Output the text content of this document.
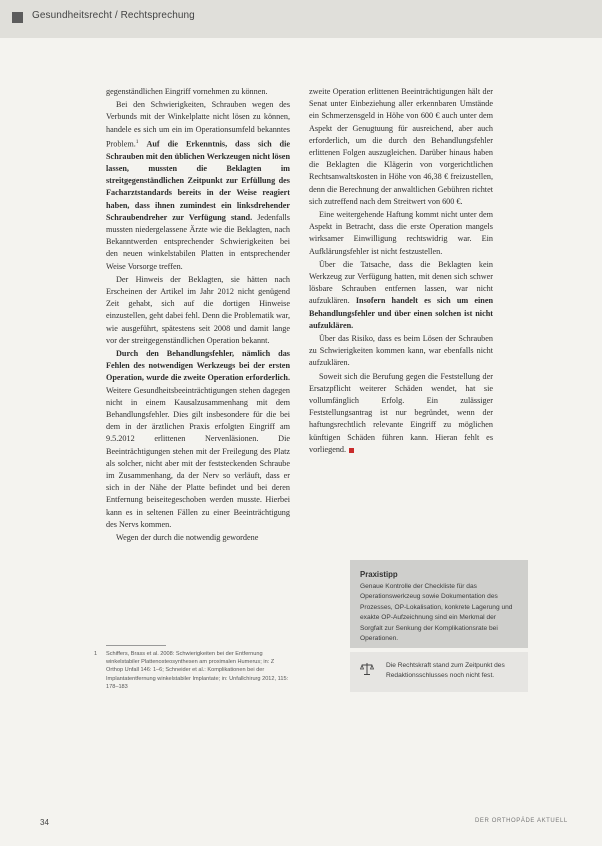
Gesundheitsrecht / Rechtsprechung

gegenständlichen Eingriff vornehmen zu können.

Bei den Schwierigkeiten, Schrauben wegen des Verbunds mit der Winkelplatte nicht lösen zu können, handele es sich um ein im Operationsumfeld bekanntes Problem.$^1$ Auf die Erkenntnis, dass sich die Schrauben mit den üblichen Werkzeugen nicht lösen lassen, mussten die Beklagten im streitgegenständlichen Zeitpunkt zur Erfüllung des Facharztstandards bereits in der Weise reagiert haben, dass ihnen zumindest ein linksdrehender Schraubendreher zur Verfügung stand. Jedenfalls mussten niedergelassene Ärzte wie die Beklagten, nach Bekanntwerden entsprechender Schwierigkeiten bei den neuen winkelstabilen Platten in entsprechender Weise Vorsorge treffen.

Der Hinweis der Beklagten, sie hätten nach Erscheinen der Artikel im Jahr 2012 nicht genügend Zeit gehabt, sich auf die dortigen Hinweise einzustellen, geht dabei fehl. Denn die Problematik war, wie ausgeführt, spätestens seit 2008 und damit lange vor der streitgegenständlichen Operation bekannt.

Durch den Behandlungsfehler, nämlich das Fehlen des notwendigen Werkzeugs bei der ersten Operation, wurde die zweite Operation erforderlich. Weitere Gesundheitsbeeinträchtigungen stehen dagegen nicht in einem Kausalzusammenhang mit dem Behandlungsfehler. Dies gilt insbesondere für die bei dem in der ärztlichen Praxis erfolgten Eingriff am 9.5.2012 erlittenen Nervenläsionen. Die Beeinträchtigungen stehen mit der Freilegung des Platz als solcher, nicht aber mit der feststeckenden Schraube im Zusammenhang, da der Nerv so verläuft, dass er sich in der Nähe der Platte befindet und bei deren Entfernung beiseitegeschoben werden musste. Hierbei kann es in seltenen Fällen zu einer Beeinträchtigung des Nervs kommen.

Wegen der durch die notwendig gewordene

zweite Operation erlittenen Beeinträchtigungen hält der Senat unter Einbeziehung aller erkennbaren Umstände ein Schmerzensgeld in Höhe von 600 € auch unter dem Aspekt der Genugtuung für ausreichend, aber auch erforderlich, um die durch den Behandlungsfehler erlittenen Folgen auszugleichen. Darüber hinaus haben die Beklagten die Klägerin von vorgerichtlichen Rechtsanwaltskosten in Höhe von 46,38 € freizustellen, denn die Berechnung der anwaltlichen Gebühren richtet sich zutreffend nach dem Streitwert von 600 €.

Eine weitergehende Haftung kommt nicht unter dem Aspekt in Betracht, dass die erste Operation mangels wirksamer Einwilligung rechtswidrig war. Ein Aufklärungsfehler ist nicht festzustellen.

Über die Tatsache, dass die Beklagten kein Werkzeug zur Verfügung hatten, mit denen sich schwer lösbare Schrauben entfernen lassen, war nicht aufzuklären. Insofern handelt es sich um einen Behandlungsfehler und über einen solchen ist nicht aufzuklären.

Über das Risiko, dass es beim Lösen der Schrauben zu Schwierigkeiten kommen kann, war ebenfalls nicht aufzuklären.

Soweit sich die Berufung gegen die Feststellung der Ersatzpflicht weiterer Schäden wendet, hat sie vollumfänglich Erfolg. Ein zulässiger Feststellungsantrag ist nur begründet, wenn der haftungsrechtlich relevante Eingriff zu möglichen künftigen Schäden führen kann. Hieran fehlt es vorliegend.

1 Schiffers, Brass et al. 2008: Schwierigkeiten bei der Entfernung winkelstabiler Plattenosteosynthesen am proximalen Humerus; in: Z Orthop Unfall 146: 1–6; Schneider et al.: Komplikationen bei der Implantatentfernung winkelstabiler Implantate; in: Unfallchirurg 2012, 115: 178–183
Praxistipp
Genaue Kontrolle der Checkliste für das Operationswerkzeug sowie Dokumentation des Prozesses, OP-Lokalisation, konkrete Lagerung und exakte OP-Aufzeichnung sind ein Merkmal der Sorgfalt zur Senkung der Komplikationsrate bei Operationen.
Die Rechtskraft stand zum Zeitpunkt des Redaktionsschlusses noch nicht fest.
34	DER ORTHOPÄDE AKTUELL
